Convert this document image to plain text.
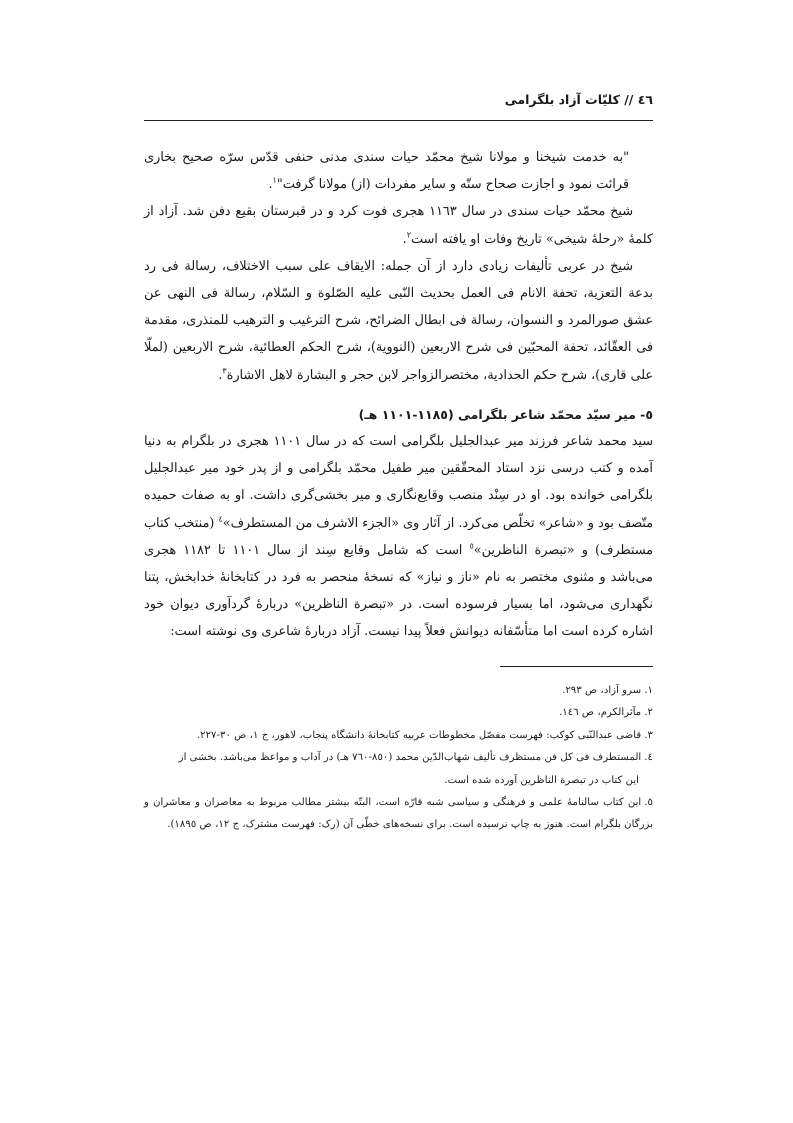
٤٦ // کلیّات آزاد بلگرامی

"به خدمت شیخنا و مولانا شیخ محمّد حیات سندی مدنی حنفی قدّس سرّه صحیح بخاری قرائت نمود و اجازت صحاح ستّه و سایر مفردات (از) مولانا گرفت"$^١$.

شیخ محمّد حیات سندی در سال ١١٦٣ هجری فوت کرد و در قبرستان بقیع دفن شد. آزاد از کلمهٔ «رحلهٔ شیخی» تاریخ وفات او یافته است$^٢$.

شیخ در عربی تألیفات زیادی دارد از آن جمله: الایقاف علی سبب الاختلاف، رسالة فی رد بدعة التعزیة، تحفة الانام فی العمل بحدیث النّبی علیه الصّلوة و السّلام، رسالة فی النهی عن عشق صورالمرد و النسوان، رسالة فی ابطال الضرائح، شرح الترغیب و الترهیب للمنذری، مقدمة فی العقّائد، تحفة المحبّین فی شرح الاربعین (النوویة)، شرح الحکم العطائیة، شرح الاربعین (لملّا علی قاری)، شرح حکم الحدادیة، مختصرالزواجر لابن حجر و البشارة لاهل الاشارة$^٣$.

٥- میر سیّد محمّد شاعر بلگرامی (١١٨٥-١١٠١ هـ)

سید محمد شاعر فرزند میر عبدالجلیل بلگرامی است که در سال ١١٠١ هجری در بلگرام به دنیا آمده و کتب درسی نزد استاد المحقّقین میر طفیل محمّد بلگرامی و از پدر خود میر عبدالجلیل بلگرامی خوانده بود. او در سِنْد منصب وقایع‌نگاری و میر بخشی‌گری داشت. او به صفات حمیده متّصف بود و «شاعر» تخلّص می‌کرد. از آثار وی «الجزء الاشرف من المستطرف»$^٤$ (منتخب کتاب مستطرف) و «تبصرة الناظرین»$^٥$ است که شامل وقایع سِند از سال ١١٠١ تا ١١٨٢ هجری می‌باشد و مثنوی مختصر به نام «ناز و نیاز» که نسخهٔ منحصر به فرد در کتابخانهٔ خدابخش، پتنا نگهداری می‌شود، اما بسیار فرسوده است. در «تبصرة الناظرین» دربارهٔ گردآوری دیوان خود اشاره کرده است اما متأسّفانه دیوانش فعلاً پیدا نیست. آزاد دربارهٔ شاعری وی نوشته است:

١.سرو آزاد، ص ٢٩٣.

٢.مآثرالکرم، ص ١٤٦.

٣.قاضی عبدالنّبی کوکب: فهرست مفصّل مخطوطات عربیه کتابخانهٔ دانشگاه پنجاب، لاهور، ج ١، ص ٣٠-٢٢٧.

٤.المستطرف فی کل فن مستظرف تألیف شهاب‌الدّین محمد (٨٥٠-٧٦٠ هـ) در آداب و مواعظ می‌باشد. بخشی از

این کتاب در تبصرة الناظرین آورده شده است.

٥.این کتاب سالنامهٔ علمی و فرهنگی و سیاسی شبه قارّه است، البتّه بیشتر مطالب مربوط به معاصران و معاشران و بزرگان بلگرام است. هنوز به چاپ نرسیده است. برای نسخه‌های خطّی آن (رک: فهرست مشترک، ج ١٢، ص ١٨٩٥).
